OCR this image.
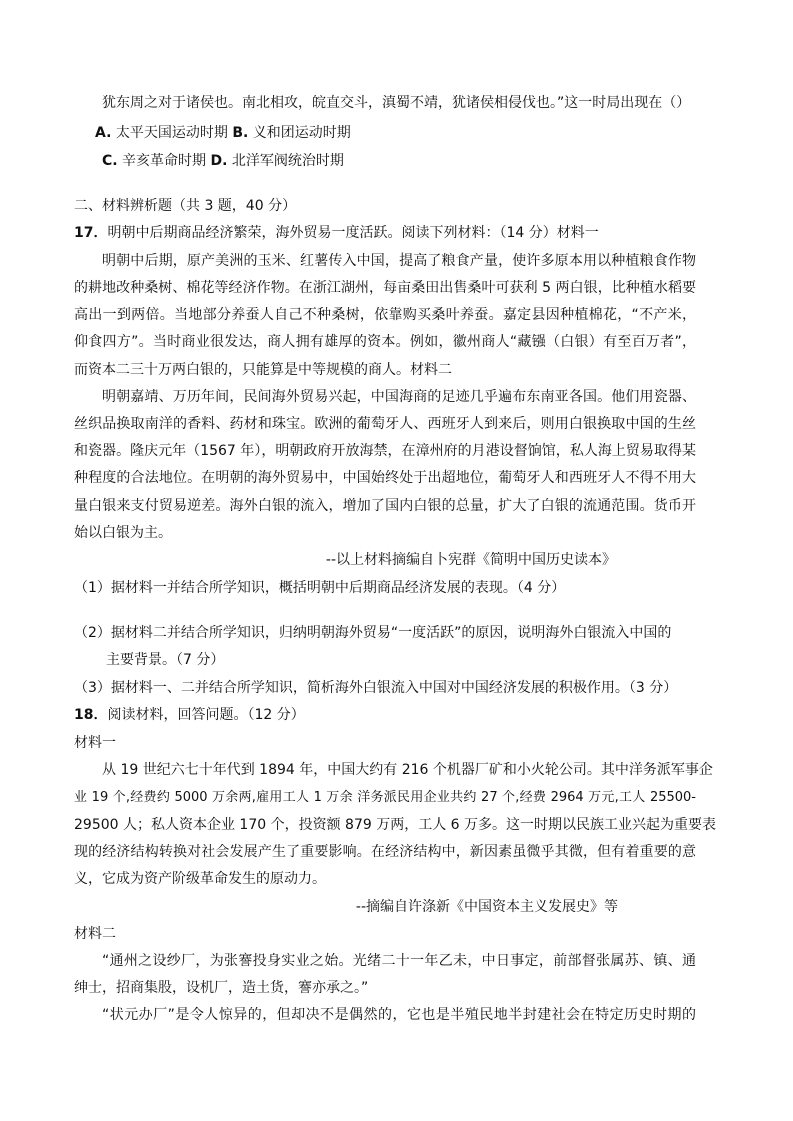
犹东周之对于诸侯也。南北相攻，皖直交斗，滇蜀不靖，犹诸侯相侵伐也。”这一时局出现在（）
A. 太平天国运动时期 B. 义和团运动时期
C. 辛亥革命时期 D. 北洋军阀统治时期
二、材料辨析题（共 3 题，40 分）
17．明朝中后期商品经济繁荣，海外贸易一度活跃。阅读下列材料：（14 分）材料一
明朝中后期，原产美洲的玉米、红薯传入中国，提高了粮食产量，使许多原本用以种植粮食作物
的耕地改种桑树、棉花等经济作物。在浙江湖州，每亩桑田出售桑叶可获利 5 两白银，比种植水稻要
高出一到两倍。当地部分养蚕人自己不种桑树，依靠购买桑叶养蚕。嘉定县因种植棉花，“不产米，
仰食四方”。当时商业很发达，商人拥有雄厚的资本。例如，徽州商人“藏镪（白银）有至百万者”，
而资本二三十万两白银的，只能算是中等规模的商人。材料二
明朝嘉靖、万历年间，民间海外贸易兴起，中国海商的足迹几乎遍布东南亚各国。他们用瓷器、
丝织品换取南洋的香料、药材和珠宝。欧洲的葡萄牙人、西班牙人到来后，则用白银换取中国的生丝
和瓷器。隆庆元年（1567 年），明朝政府开放海禁，在漳州府的月港设督饷馆，私人海上贸易取得某
种程度的合法地位。在明朝的海外贸易中，中国始终处于出超地位，葡萄牙人和西班牙人不得不用大
量白银来支付贸易逆差。海外白银的流入，增加了国内白银的总量，扩大了白银的流通范围。货币开
始以白银为主。
--以上材料摘编自卜宪群《简明中国历史读本》
（1）据材料一并结合所学知识，概括明朝中后期商品经济发展的表现。（4 分）
（2）据材料二并结合所学知识，归纳明朝海外贸易“一度活跃”的原因，说明海外白银流入中国的
主要背景。（7 分）
（3）据材料一、二并结合所学知识，简析海外白银流入中国对中国经济发展的积极作用。（3 分）
18．阅读材料，回答问题。（12 分）
材料一
从 19 世纪六七十年代到 1894 年，中国大约有 216 个机器厂矿和小火轮公司。其中洋务派军事企
业 19 个,经费约 5000 万余两,雇用工人 1 万余 洋务派民用企业共约 27 个,经费 2964 万元,工人 25500-
29500 人；私人资本企业 170 个，投资额 879 万两，工人 6 万多。这一时期以民族工业兴起为重要表
现的经济结构转换对社会发展产生了重要影响。在经济结构中，新因素虽微乎其微，但有着重要的意
义，它成为资产阶级革命发生的原动力。
--摘编自许涤新《中国资本主义发展史》等
材料二
“通州之设纱厂，为张謇投身实业之始。光绪二十一年乙未，中日事定，前部督张属苏、镇、通
绅士，招商集股，设机厂，造土货，謇亦承之。”
“状元办厂”是令人惊异的，但却决不是偶然的，它也是半殖民地半封建社会在特定历史时期的
